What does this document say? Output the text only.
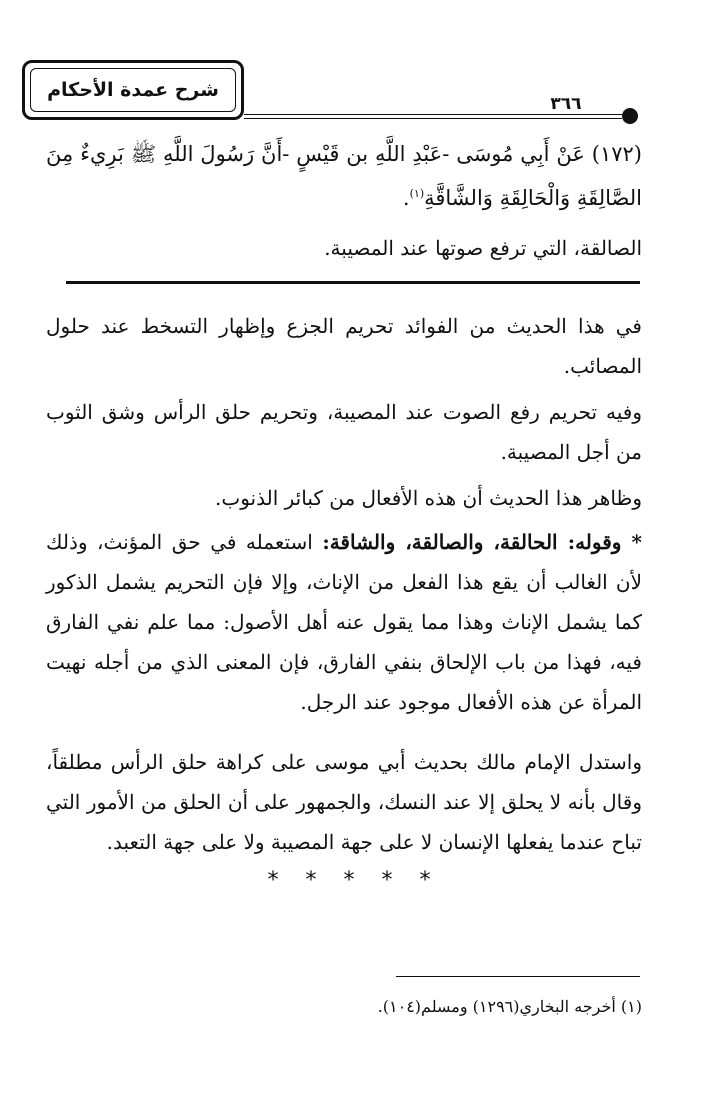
شرح عمدة الأحكام
٣٦٦
(١٧٢) عَنْ أَبِي مُوسَى -عَبْدِ اللَّهِ بن قَيْسٍ -أَنَّ رَسُولَ اللَّهِ ﷺ بَرِيءٌ مِنَ الصَّالِقَةِ وَالْحَالِقَةِ وَالشَّاقَّةِ$^{(١)}$.
الصالقة، التي ترفع صوتها عند المصيبة.
في هذا الحديث من الفوائد تحريم الجزع وإظهار التسخط عند حلول المصائب.
وفيه تحريم رفع الصوت عند المصيبة، وتحريم حلق الرأس وشق الثوب من أجل المصيبة.
وظاهر هذا الحديث أن هذه الأفعال من كبائر الذنوب.
* وقوله: الحالقة، والصالقة، والشاقة: استعمله في حق المؤنث، وذلك لأن الغالب أن يقع هذا الفعل من الإناث، وإلا فإن التحريم يشمل الذكور كما يشمل الإناث وهذا مما يقول عنه أهل الأصول: مما علم نفي الفارق فيه، فهذا من باب الإلحاق بنفي الفارق، فإن المعنى الذي من أجله نهيت المرأة عن هذه الأفعال موجود عند الرجل.
واستدل الإمام مالك بحديث أبي موسى على كراهة حلق الرأس مطلقاً، وقال بأنه لا يحلق إلا عند النسك، والجمهور على أن الحلق من الأمور التي تباح عندما يفعلها الإنسان لا على جهة المصيبة ولا على جهة التعبد.
* * * * *
(١) أخرجه البخاري(١٢٩٦) ومسلم(١٠٤).
